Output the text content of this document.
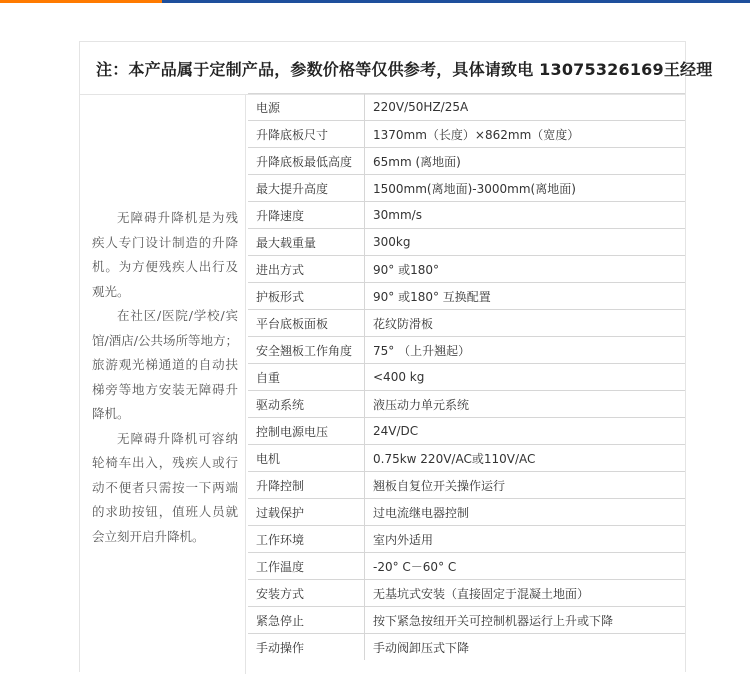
注：本产品属于定制产品，参数价格等仅供参考，具体请致电 13075326169王经理

无障碍升降机是为残疾人专门设计制造的升降机。为方便残疾人出行及观光。

在社区/医院/学校/宾馆/酒店/公共场所等地方；旅游观光梯通道的自动扶梯旁等地方安装无障碍升降机。

无障碍升降机可容纳轮椅车出入，残疾人或行动不便者只需按一下两端的求助按钮，值班人员就会立刻开启升降机。

电源	220V/50HZ/25A
升降底板尺寸	1370mm（长度）×862mm（宽度）
升降底板最低高度	65mm (离地面)
最大提升高度	1500mm(离地面)-3000mm(离地面)
升降速度	30mm/s
最大载重量	300kg
进出方式	90° 或180°
护板形式	90° 或180° 互换配置
平台底板面板	花纹防滑板
安全翘板工作角度	75° （上升翘起）
自重	<400 kg
驱动系统	液压动力单元系统
控制电源电压	24V/DC
电机	0.75kw 220V/AC或110V/AC
升降控制	翘板自复位开关操作运行
过载保护	过电流继电器控制
工作环境	室内外适用
工作温度	-20° C－60° C
安装方式	无基坑式安装（直接固定于混凝土地面）
紧急停止	按下紧急按纽开关可控制机器运行上升或下降
手动操作	手动阀卸压式下降
